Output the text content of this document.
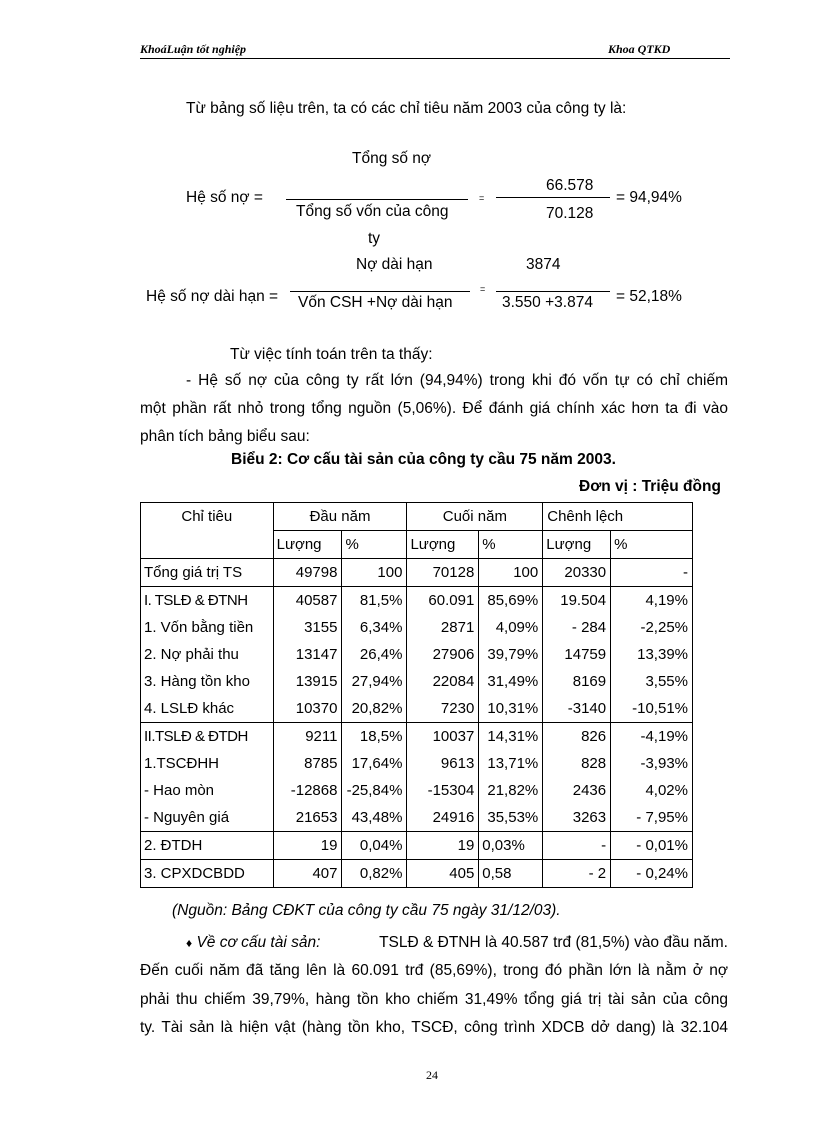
KhoáLuận tốt nghiệp	Khoa QTKD
Từ bảng số liệu trên, ta có các chỉ tiêu năm 2003 của công ty là:
Tổng số nợ
Hệ số nợ =
Tổng số vốn của công
ty
=
66.578
70.128
= 94,94%
Nợ dài hạn	3874
Hệ số nợ dài hạn = Vốn CSH +Nợ dài hạn
=
3.550 +3.874 = 52,18%
Từ việc tính toán trên ta thấy:
- Hệ số nợ của công ty rất lớn (94,94%) trong khi đó vốn tự có chỉ chiếm
một phần rất nhỏ trong tổng nguồn (5,06%). Để đánh giá chính xác hơn ta đi vào
phân tích bảng biểu sau:
Biểu 2: Cơ cấu tài sản của công ty cầu 75 năm 2003.
Đơn vị : Triệu đồng
Chỉ tiêu	Đầu năm		Cuối năm		Chênh lệch	
	Lượng	%	Lượng	%	Lượng	%
Tổng giá trị TS	49798	100	70128	100	20330	-
I. TSLĐ & ĐTNH	40587	81,5%	60.091	85,69%	19.504	4,19%
1. Vốn bằng tiền	3155	6,34%	2871	4,09%	- 284	-2,25%
2. Nợ phải thu	13147	26,4%	27906	39,79%	14759	13,39%
3. Hàng tồn kho	13915	27,94%	22084	31,49%	8169	3,55%
4. LSLĐ khác	10370	20,82%	7230	10,31%	-3140	-10,51%
II.TSLĐ & ĐTDH	9211	18,5%	10037	14,31%	826	-4,19%
1.TSCĐHH	8785	17,64%	9613	13,71%	828	-3,93%
- Hao mòn	-12868	-25,84%	-15304	21,82%	2436	4,02%
- Nguyên giá	21653	43,48%	24916	35,53%	3263	- 7,95%
2. ĐTDH	19	0,04%	19	0,03%	-	- 0,01%
3. CPXDCBDD	407	0,82%	405	0,58	- 2	- 0,24%
(Nguồn: Bảng CĐKT của công ty cầu 75 ngày 31/12/03).
♦ Về cơ cấu tài sản:	TSLĐ & ĐTNH là 40.587 trđ (81,5%) vào đầu năm.
Đến cuối năm đã tăng lên là 60.091 trđ (85,69%), trong đó phần lớn là nằm ở nợ
phải thu chiếm 39,79%, hàng tồn kho chiếm 31,49% tổng giá trị tài sản của công
ty. Tài sản là hiện vật (hàng tồn kho, TSCĐ, công trình XDCB dở dang) là 32.104
24
